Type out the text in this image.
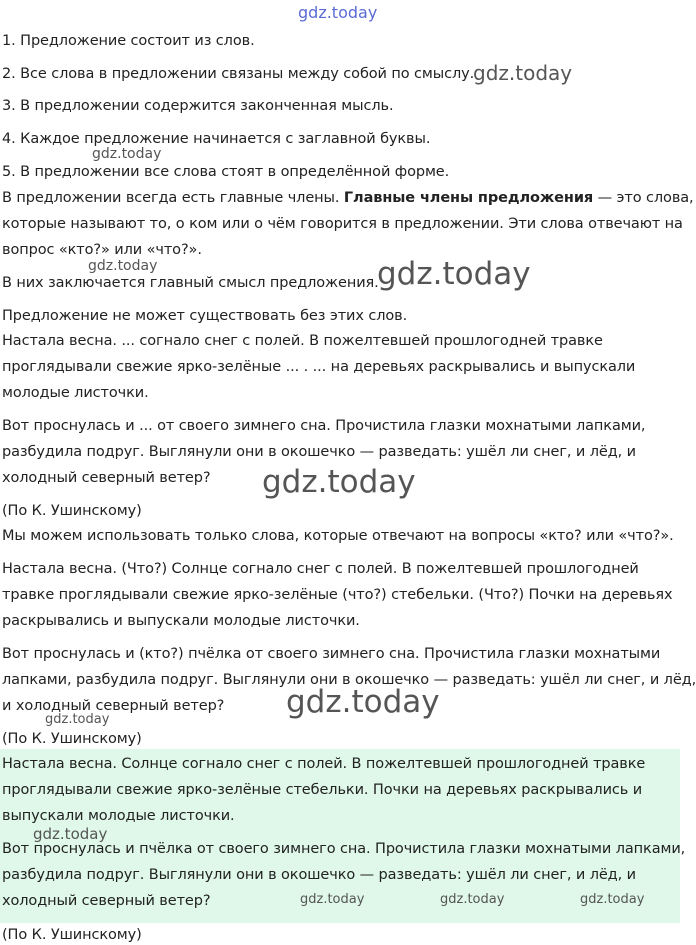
gdz.today
gdz.today
gdz.today
gdz.today	gdz.today
gdz.today
gdz.today
gdz.today
1. Предложение состоит из слов.
2. Все слова в предложении связаны между собой по смыслу.
3. В предложении содержится законченная мысль.
4. Каждое предложение начинается с заглавной буквы.
5. В предложении все слова стоят в определённой форме.
В предложении всегда есть главные члены. Главные члены предложения — это слова,
которые называют то, о ком или о чём говорится в предложении. Эти слова отвечают на
вопрос «кто?» или «что?».
В них заключается главный смысл предложения.
Предложение не может существовать без этих слов.
Настала весна. ... согнало снег с полей. В пожелтевшей прошлогодней травке
проглядывали свежие ярко-зелёные ... . ... на деревьях раскрывались и выпускали
молодые листочки.
Вот проснулась и ... от своего зимнего сна. Прочистила глазки мохнатыми лапками,
разбудила подруг. Выглянули они в окошечко — разведать: ушёл ли снег, и лёд, и
холодный северный ветер?
(По К. Ушинскому)
Мы можем использовать только слова, которые отвечают на вопросы «кто? или «что?».
Настала весна. (Что?) Солнце согнало снег с полей. В пожелтевшей прошлогодней
травке проглядывали свежие ярко-зелёные (что?) стебельки. (Что?) Почки на деревьях
раскрывались и выпускали молодые листочки.
Вот проснулась и (кто?) пчёлка от своего зимнего сна. Прочистила глазки мохнатыми
лапками, разбудила подруг. Выглянули они в окошечко — разведать: ушёл ли снег, и лёд,
и холодный северный ветер?
(По К. Ушинскому)
Настала весна. Солнце согнало снег с полей. В пожелтевшей прошлогодней травке
проглядывали свежие ярко-зелёные стебельки. Почки на деревьях раскрывались и
выпускали молодые листочки.
gdz.today
Вот проснулась и пчёлка от своего зимнего сна. Прочистила глазки мохнатыми лапками,
разбудила подруг. Выглянули они в окошечко — разведать: ушёл ли снег, и лёд, и
холодный северный ветер?	gdz.today	gdz.today	gdz.today
(По К. Ушинскому)
